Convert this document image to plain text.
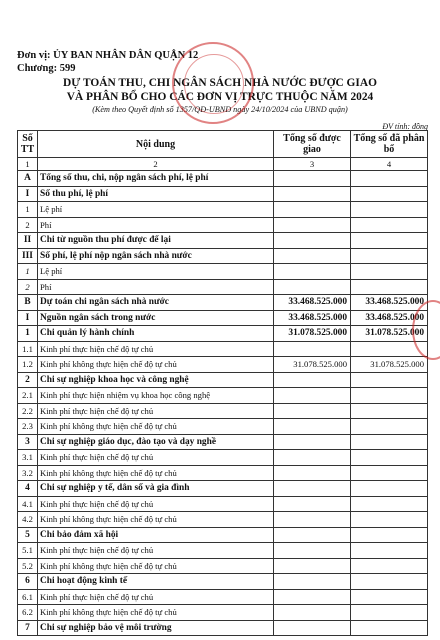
Đơn vị: ỦY BAN NHÂN DÂN QUẬN 12
Chương: 599
DỰ TOÁN THU, CHI NGÂN SÁCH NHÀ NƯỚC ĐƯỢC GIAO
VÀ PHÂN BỔ CHO CÁC ĐƠN VỊ TRỰC THUỘC NĂM 2024
(Kèm theo Quyết định số 1357/QĐ-UBND ngày 24/10/2024 của UBND quận)
ĐV tính: đồng
Số TT	Nội dung	Tổng số được giao	Tổng số đã phân bổ
1	2	3	4
A	Tổng số thu, chi, nộp ngân sách phí, lệ phí		
I	Số thu phí, lệ phí		
1	Lệ phí		
2	Phí		
II	Chi từ nguồn thu phí được để lại		
III	Số phí, lệ phí nộp ngân sách nhà nước		
1	Lệ phí		
2	Phí		
B	Dự toán chi ngân sách nhà nước	33.468.525.000	33.468.525.000
I	Nguồn ngân sách trong nước	33.468.525.000	33.468.525.000
1	Chi quản lý hành chính	31.078.525.000	31.078.525.000
1.1	Kinh phí thực hiện chế độ tự chủ		
1.2	Kinh phí không thực hiện chế độ tự chủ	31.078.525.000	31.078.525.000
2	Chi sự nghiệp khoa học và công nghệ		
2.1	Kinh phí thực hiện nhiệm vụ khoa học công nghệ		
2.2	Kinh phí thực hiện chế độ tự chủ		
2.3	Kinh phí không thực hiện chế độ tự chủ		
3	Chi sự nghiệp giáo dục, đào tạo và dạy nghề		
3.1	Kinh phí thực hiện chế độ tự chủ		
3.2	Kinh phí không thực hiện chế độ tự chủ		
4	Chi sự nghiệp y tế, dân số và gia đình		
4.1	Kinh phí thực hiện chế độ tự chủ		
4.2	Kinh phí không thực hiện chế độ tự chủ		
5	Chi bảo đảm xã hội		
5.1	Kinh phí thực hiện chế độ tự chủ		
5.2	Kinh phí không thực hiện chế độ tự chủ		
6	Chi hoạt động kinh tế		
6.1	Kinh phí thực hiện chế độ tự chủ		
6.2	Kinh phí không thực hiện chế độ tự chủ		
7	Chi sự nghiệp bảo vệ môi trường		
